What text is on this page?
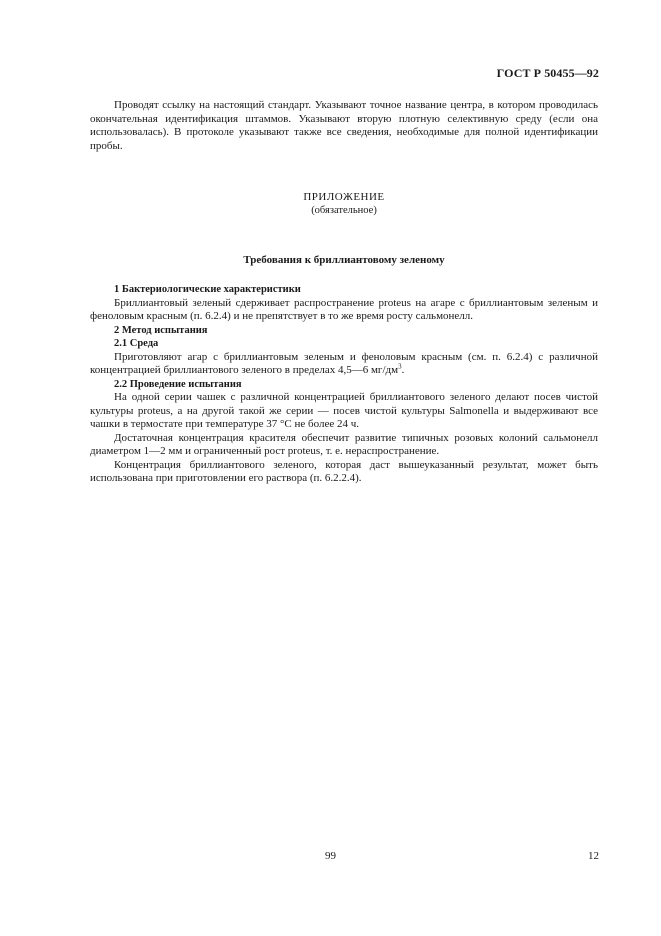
ГОСТ Р 50455—92

Проводят ссылку на настоящий стандарт. Указывают точное название центра, в котором проводилась окончательная идентификация штаммов. Указывают вторую плотную селективную среду (если она использовалась). В протоколе указывают также все сведения, необходимые для полной идентификации пробы.

ПРИЛОЖЕНИЕ
(обязательное)
Требования к бриллиантовому зеленому

1 Бактериологические характеристики

Бриллиантовый зеленый сдерживает распространение proteus на агаре с бриллиантовым зеленым и феноловым красным (п. 6.2.4) и не препятствует в то же время росту сальмонелл.

2 Метод испытания

2.1 Среда

Приготовляют агар с бриллиантовым зеленым и феноловым красным (см. п. 6.2.4) с различной концентрацией бриллиантового зеленого в пределах 4,5—6 $мг/дм^3$.

2.2 Проведение испытания

На одной серии чашек с различной концентрацией бриллиантового зеленого делают посев чистой культуры proteus, а на другой такой же серии — посев чистой культуры Salmonella и выдерживают все чашки в термостате при температуре 37 °С не более 24 ч.

Достаточная концентрация красителя обеспечит развитие типичных розовых колоний сальмонелл диаметром 1—2 мм и ограниченный рост proteus, т. е. нераспространение.

Концентрация бриллиантового зеленого, которая даст вышеуказанный результат, может быть использована при приготовлении его раствора (п. 6.2.2.4).

99	12
